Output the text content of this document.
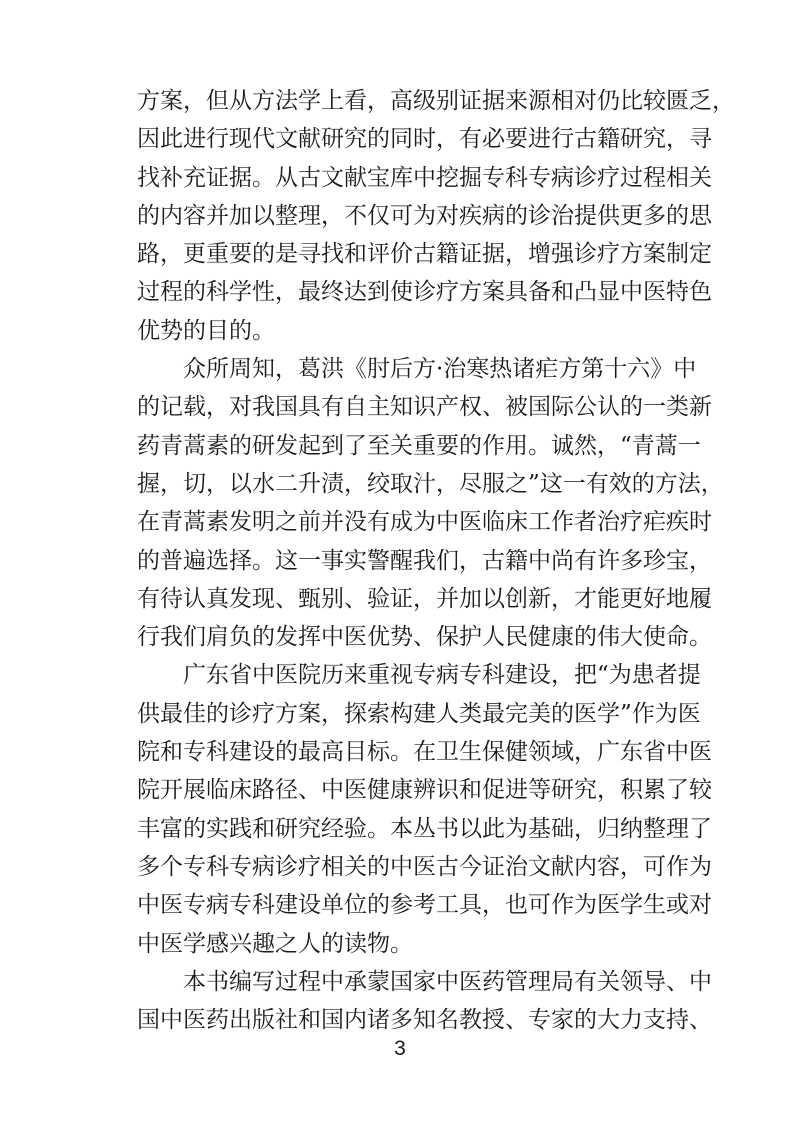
方案，但从方法学上看，高级别证据来源相对仍比较匮乏，
因此进行现代文献研究的同时，有必要进行古籍研究，寻
找补充证据。从古文献宝库中挖掘专科专病诊疗过程相关
的内容并加以整理，不仅可为对疾病的诊治提供更多的思
路，更重要的是寻找和评价古籍证据，增强诊疗方案制定
过程的科学性，最终达到使诊疗方案具备和凸显中医特色
优势的目的。
众所周知，葛洪《肘后方·治寒热诸疟方第十六》中
的记载，对我国具有自主知识产权、被国际公认的一类新
药青蒿素的研发起到了至关重要的作用。诚然，“青蒿一
握，切，以水二升渍，绞取汁，尽服之”这一有效的方法，
在青蒿素发明之前并没有成为中医临床工作者治疗疟疾时
的普遍选择。这一事实警醒我们，古籍中尚有许多珍宝，
有待认真发现、甄别、验证，并加以创新，才能更好地履
行我们肩负的发挥中医优势、保护人民健康的伟大使命。
广东省中医院历来重视专病专科建设，把“为患者提
供最佳的诊疗方案，探索构建人类最完美的医学”作为医
院和专科建设的最高目标。在卫生保健领域，广东省中医
院开展临床路径、中医健康辨识和促进等研究，积累了较
丰富的实践和研究经验。本丛书以此为基础，归纳整理了
多个专科专病诊疗相关的中医古今证治文献内容，可作为
中医专病专科建设单位的参考工具，也可作为医学生或对
中医学感兴趣之人的读物。
本书编写过程中承蒙国家中医药管理局有关领导、中
国中医药出版社和国内诸多知名教授、专家的大力支持、
3
